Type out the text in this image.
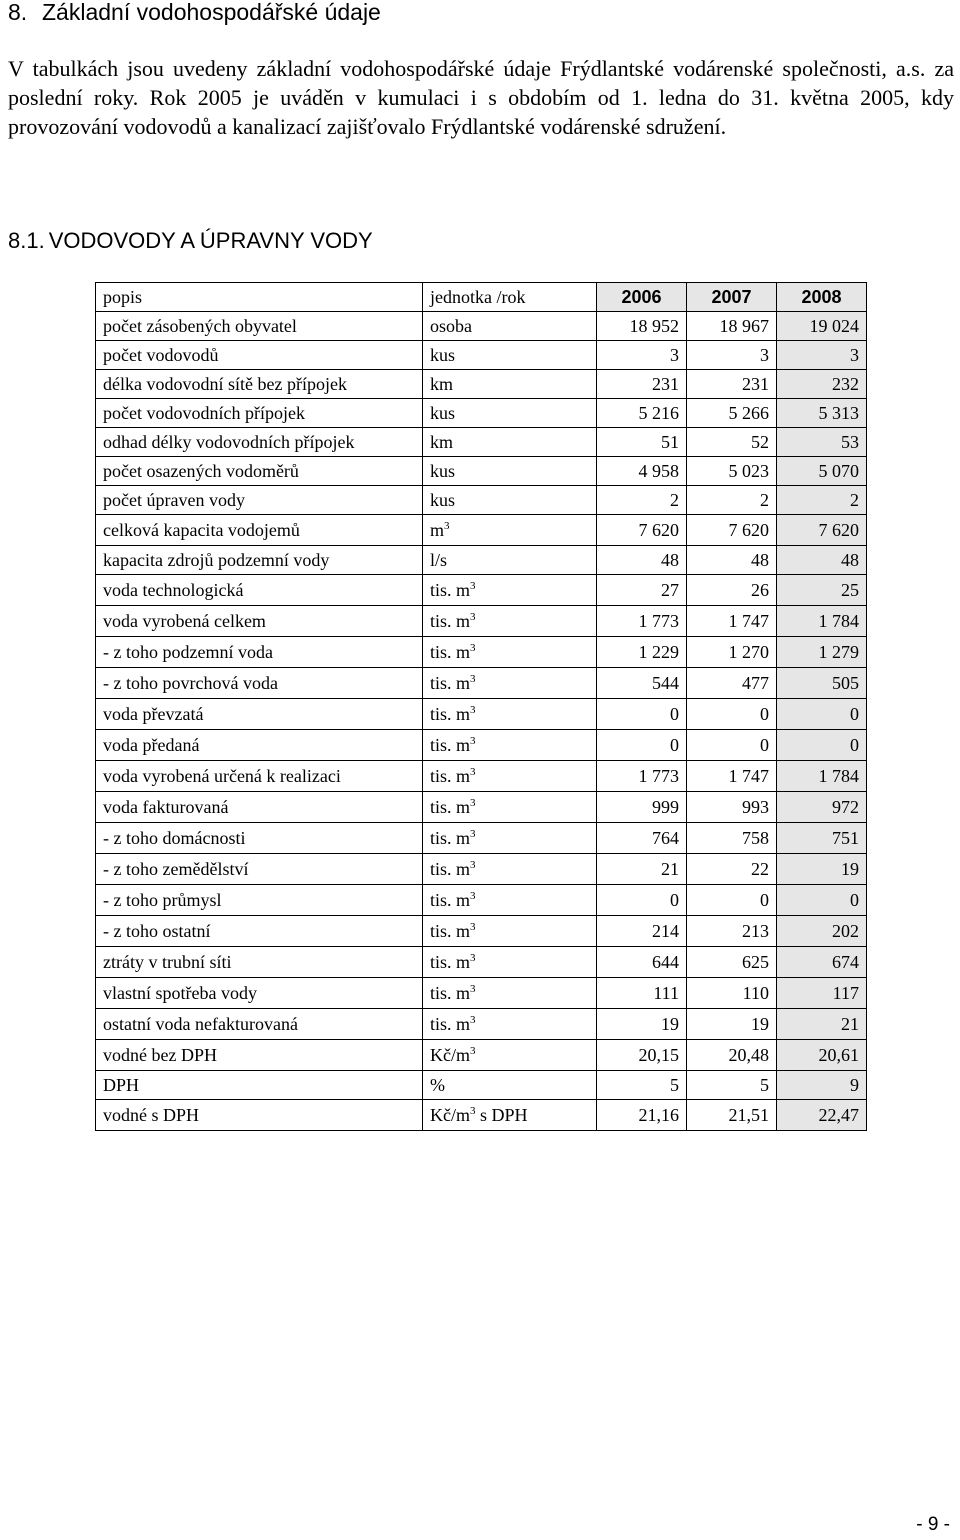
8. Základní vodohospodářské údaje
V tabulkách jsou uvedeny základní vodohospodářské údaje Frýdlantské vodárenské společnosti, a.s. za poslední roky. Rok 2005 je uváděn v kumulaci i s obdobím od 1. ledna do 31. května 2005, kdy provozování vodovodů a kanalizací zajišťovalo Frýdlantské vodárenské sdružení.
8.1. VODOVODY A ÚPRAVNY VODY
popis	jednotka /rok	2006	2007	2008
počet zásobených obyvatel	osoba	18 952	18 967	19 024
počet vodovodů	kus	3	3	3
délka vodovodní sítě bez přípojek	km	231	231	232
počet vodovodních přípojek	kus	5 216	5 266	5 313
odhad délky vodovodních přípojek	km	51	52	53
počet osazených vodoměrů	kus	4 958	5 023	5 070
počet úpraven vody	kus	2	2	2
celková kapacita vodojemů	$m^3$	7 620	7 620	7 620
kapacita zdrojů podzemní vody	l/s	48	48	48
voda technologická	tis. $m^3$	27	26	25
voda vyrobená celkem	tis. $m^3$	1 773	1 747	1 784
- z toho podzemní voda	tis. $m^3$	1 229	1 270	1 279
- z toho povrchová voda	tis. $m^3$	544	477	505
voda převzatá	tis. $m^3$	0	0	0
voda předaná	tis. $m^3$	0	0	0
voda vyrobená určená k realizaci	tis. $m^3$	1 773	1 747	1 784
voda fakturovaná	tis. $m^3$	999	993	972
- z toho domácnosti	tis. $m^3$	764	758	751
- z toho zemědělství	tis. $m^3$	21	22	19
- z toho průmysl	tis. $m^3$	0	0	0
- z toho ostatní	tis. $m^3$	214	213	202
ztráty v trubní síti	tis. $m^3$	644	625	674
vlastní spotřeba vody	tis. $m^3$	111	110	117
ostatní voda nefakturovaná	tis. $m^3$	19	19	21
vodné bez DPH	$Kč/m^3$	20,15	20,48	20,61
DPH	%	5	5	9
vodné s DPH	$Kč/m^3$ s DPH	21,16	21,51	22,47
- 9 -
